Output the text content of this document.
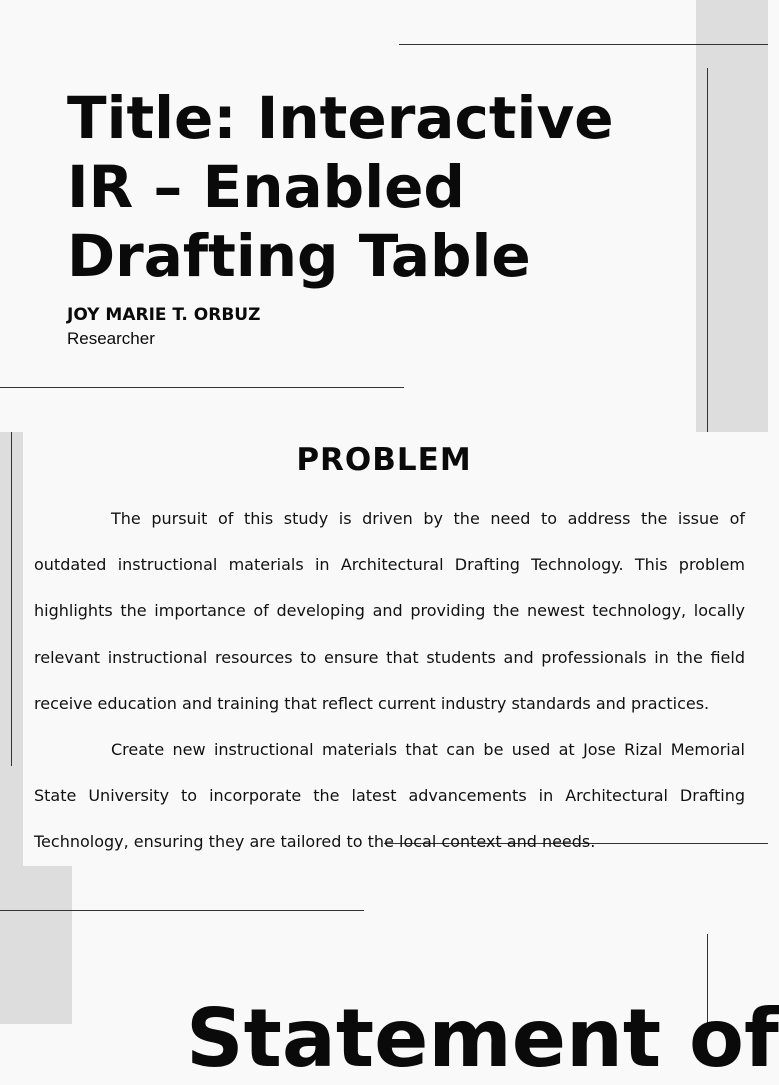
Title: Interactive IR – Enabled Drafting Table
JOY MARIE T. ORBUZ
Researcher
PROBLEM

The pursuit of this study is driven by the need to address the issue of outdated instructional materials in Architectural Drafting Technology. This problem highlights the importance of developing and providing the newest technology, locally relevant instructional resources to ensure that students and professionals in the field receive education and training that reflect current industry standards and practices.

Create new instructional materials that can be used at Jose Rizal Memorial State University to incorporate the latest advancements in Architectural Drafting Technology, ensuring they are tailored to the local context and needs.

Statement of
